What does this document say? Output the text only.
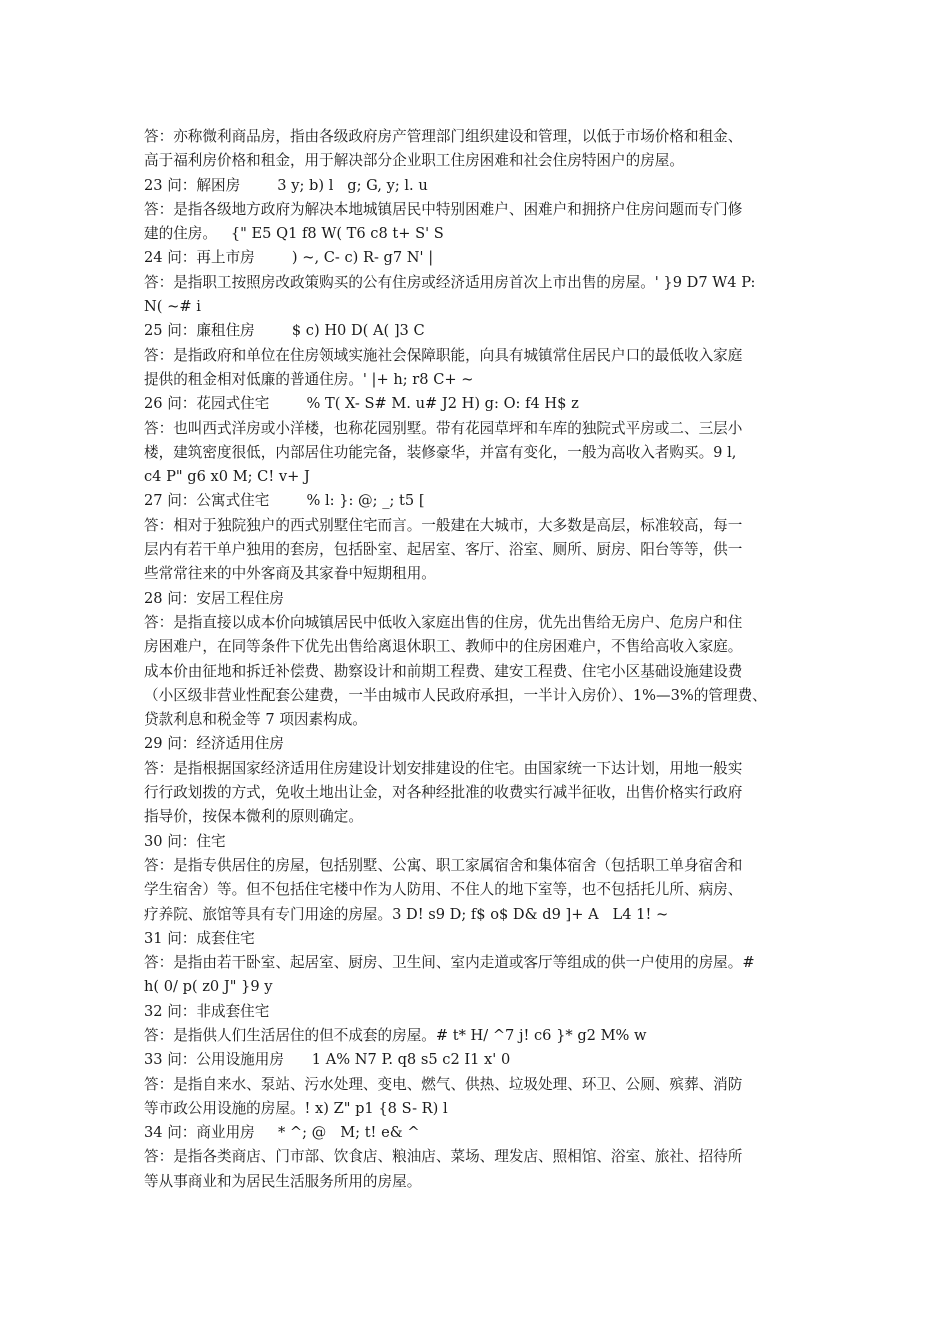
答：亦称微利商品房，指由各级政府房产管理部门组织建设和管理，以低于市场价格和租金、
高于福利房价格和租金，用于解决部分企业职工住房困难和社会住房特困户的房屋。
23 问：解困房        3 y; b) l   g; G, y; l. u
答：是指各级地方政府为解决本地城镇居民中特别困难户、困难户和拥挤户住房问题而专门修
建的住房。   {" E5 Q1 f8 W( T6 c8 t+ S' S
24 问：再上市房        ) ~, C- c) R- g7 N' |
答：是指职工按照房改政策购买的公有住房或经济适用房首次上市出售的房屋。' }9 D7 W4 P:
N( ~# i
25 问：廉租住房        $ c) H0 D( A( ]3 C
答：是指政府和单位在住房领域实施社会保障职能，向具有城镇常住居民户口的最低收入家庭
提供的租金相对低廉的普通住房。' |+ h; r8 C+ ~
26 问：花园式住宅        % T( X- S# M. u# J2 H) g: O: f4 H$ z
答：也叫西式洋房或小洋楼，也称花园别墅。带有花园草坪和车库的独院式平房或二、三层小
楼，建筑密度很低，内部居住功能完备，装修豪华，并富有变化，一般为高收入者购买。9 l,
c4 P" g6 x0 M; C! v+ J
27 问：公寓式住宅        % l: }: @; _; t5 [
答：相对于独院独户的西式别墅住宅而言。一般建在大城市，大多数是高层，标准较高，每一
层内有若干单户独用的套房，包括卧室、起居室、客厅、浴室、厕所、厨房、阳台等等，供一
些常常往来的中外客商及其家眷中短期租用。
28 问：安居工程住房
答：是指直接以成本价向城镇居民中低收入家庭出售的住房，优先出售给无房户、危房户和住
房困难户，在同等条件下优先出售给离退休职工、教师中的住房困难户，不售给高收入家庭。
成本价由征地和拆迁补偿费、勘察设计和前期工程费、建安工程费、住宅小区基础设施建设费
（小区级非营业性配套公建费，一半由城市人民政府承担，一半计入房价）、1%—3%的管理费、
贷款利息和税金等 7 项因素构成。
29 问：经济适用住房
答：是指根据国家经济适用住房建设计划安排建设的住宅。由国家统一下达计划，用地一般实
行行政划拨的方式，免收土地出让金，对各种经批准的收费实行减半征收，出售价格实行政府
指导价，按保本微利的原则确定。
30 问：住宅
答：是指专供居住的房屋，包括别墅、公寓、职工家属宿舍和集体宿舍（包括职工单身宿舍和
学生宿舍）等。但不包括住宅楼中作为人防用、不住人的地下室等，也不包括托儿所、病房、
疗养院、旅馆等具有专门用途的房屋。3 D! s9 D; f$ o$ D& d9 ]+ A   L4 1! ~
31 问：成套住宅
答：是指由若干卧室、起居室、厨房、卫生间、室内走道或客厅等组成的供一户使用的房屋。#
h( 0/ p( z0 J" }9 y
32 问：非成套住宅
答：是指供人们生活居住的但不成套的房屋。# t* H/ ^7 j! c6 }* g2 M% w
33 问：公用设施用房      1 A% N7 P. q8 s5 c2 I1 x' 0
答：是指自来水、泵站、污水处理、变电、燃气、供热、垃圾处理、环卫、公厕、殡葬、消防
等市政公用设施的房屋。! x) Z" p1 {8 S- R) l
34 问：商业用房     * ^; @   M; t! e& ^
答：是指各类商店、门市部、饮食店、粮油店、菜场、理发店、照相馆、浴室、旅社、招待所
等从事商业和为居民生活服务所用的房屋。
